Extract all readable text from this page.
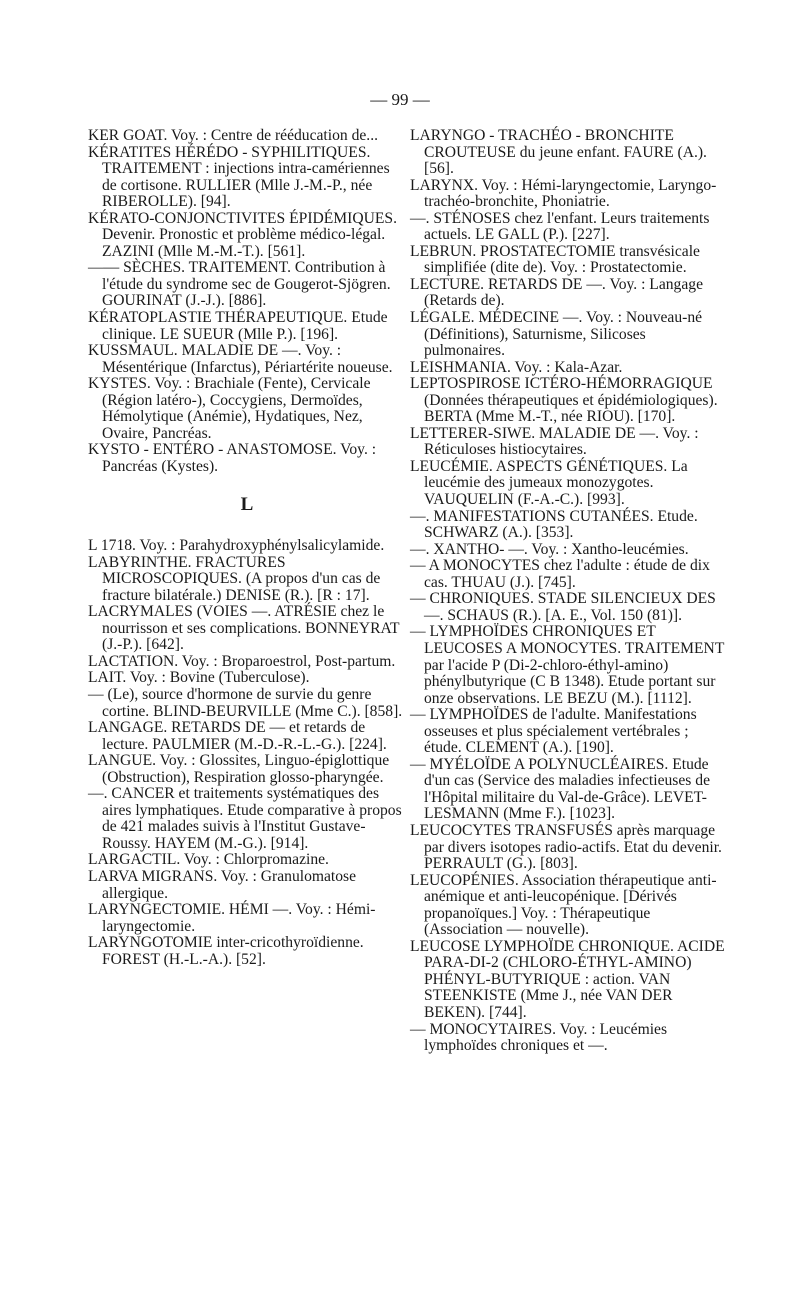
— 99 —
KER GOAT. Voy. : Centre de rééducation de...
KÉRATITES HÉRÉDO - SYPHILITIQUES. TRAITEMENT : injections intra-camériennes de cortisone. RULLIER (Mlle J.-M.-P., née RIBEROLLE). [94].
KÉRATO-CONJONCTIVITES ÉPIDÉMIQUES. Devenir. Pronostic et problème médico-légal. ZAZINI (Mlle M.-M.-T.). [561].
—— SÈCHES. TRAITEMENT. Contribution à l'étude du syndrome sec de Gougerot-Sjögren. GOURINAT (J.-J.). [886].
KÉRATOPLASTIE THÉRAPEUTIQUE. Etude clinique. LE SUEUR (Mlle P.). [196].
KUSSMAUL. MALADIE DE —. Voy. : Mésentérique (Infarctus), Périartérite noueuse.
KYSTES. Voy. : Brachiale (Fente), Cervicale (Région latéro-), Coccygiens, Dermoïdes, Hémolytique (Anémie), Hydatiques, Nez, Ovaire, Pancréas.
KYSTO - ENTÉRO - ANASTOMOSE. Voy. : Pancréas (Kystes).
L
L 1718. Voy. : Parahydroxyphénylsalicylamide.
LABYRINTHE. FRACTURES MICROSCOPIQUES. (A propos d'un cas de fracture bilatérale.) DENISE (R.). [R : 17].
LACRYMALES (VOIES —. ATRÉSIE chez le nourrisson et ses complications. BONNEYRAT (J.-P.). [642].
LACTATION. Voy. : Broparoestrol, Post-partum.
LAIT. Voy. : Bovine (Tuberculose).
— (Le), source d'hormone de survie du genre cortine. BLIND-BEURVILLE (Mme C.). [858].
LANGAGE. RETARDS DE — et retards de lecture. PAULMIER (M.-D.-R.-L.-G.). [224].
LANGUE. Voy. : Glossites, Linguo-épiglottique (Obstruction), Respiration glosso-pharyngée.
—. CANCER et traitements systématiques des aires lymphatiques. Etude comparative à propos de 421 malades suivis à l'Institut Gustave-Roussy. HAYEM (M.-G.). [914].
LARGACTIL. Voy. : Chlorpromazine.
LARVA MIGRANS. Voy. : Granulomatose allergique.
LARYNGECTOMIE. HÉMI —. Voy. : Hémi-laryngectomie.
LARYNGOTOMIE inter-cricothyroïdienne. FOREST (H.-L.-A.). [52].
LARYNGO - TRACHÉO - BRONCHITE CROUTEUSE du jeune enfant. FAURE (A.). [56].
LARYNX. Voy. : Hémi-laryngectomie, Laryngo-trachéo-bronchite, Phoniatrie.
—. STÉNOSES chez l'enfant. Leurs traitements actuels. LE GALL (P.). [227].
LEBRUN. PROSTATECTOMIE transvésicale simplifiée (dite de). Voy. : Prostatectomie.
LECTURE. RETARDS DE —. Voy. : Langage (Retards de).
LÉGALE. MÉDECINE —. Voy. : Nouveau-né (Définitions), Saturnisme, Silicoses pulmonaires.
LEISHMANIA. Voy. : Kala-Azar.
LEPTOSPIROSE ICTÉRO-HÉMORRAGIQUE (Données thérapeutiques et épidémiologiques). BERTA (Mme M.-T., née RIOU). [170].
LETTERER-SIWE. MALADIE DE —. Voy. : Réticuloses histiocytaires.
LEUCÉMIE. ASPECTS GÉNÉTIQUES. La leucémie des jumeaux monozygotes. VAUQUELIN (F.-A.-C.). [993].
—. MANIFESTATIONS CUTANÉES. Etude. SCHWARZ (A.). [353].
—. XANTHO- —. Voy. : Xantho-leucémies.
— A MONOCYTES chez l'adulte : étude de dix cas. THUAU (J.). [745].
— CHRONIQUES. STADE SILENCIEUX DES —. SCHAUS (R.). [A. E., Vol. 150 (81)].
— LYMPHOÏDES CHRONIQUES ET LEUCOSES A MONOCYTES. TRAITEMENT par l'acide P (Di-2-chloro-éthyl-amino) phénylbutyrique (C B 1348). Etude portant sur onze observations. LE BEZU (M.). [1112].
— LYMPHOÏDES de l'adulte. Manifestations osseuses et plus spécialement vertébrales ; étude. CLEMENT (A.). [190].
— MYÉLOÏDE A POLYNUCLÉAIRES. Etude d'un cas (Service des maladies infectieuses de l'Hôpital militaire du Val-de-Grâce). LEVET-LESMANN (Mme F.). [1023].
LEUCOCYTES TRANSFUSÉS après marquage par divers isotopes radio-actifs. Etat du devenir. PERRAULT (G.). [803].
LEUCOPÉNIES. Association thérapeutique anti-anémique et anti-leucopénique. [Dérivés propanoïques.] Voy. : Thérapeutique (Association — nouvelle).
LEUCOSE LYMPHOÏDE CHRONIQUE. ACIDE PARA-DI-2 (CHLORO-ÉTHYL-AMINO) PHÉNYL-BUTYRIQUE : action. VAN STEENKISTE (Mme J., née VAN DER BEKEN). [744].
— MONOCYTAIRES. Voy. : Leucémies lymphoïdes chroniques et —.
